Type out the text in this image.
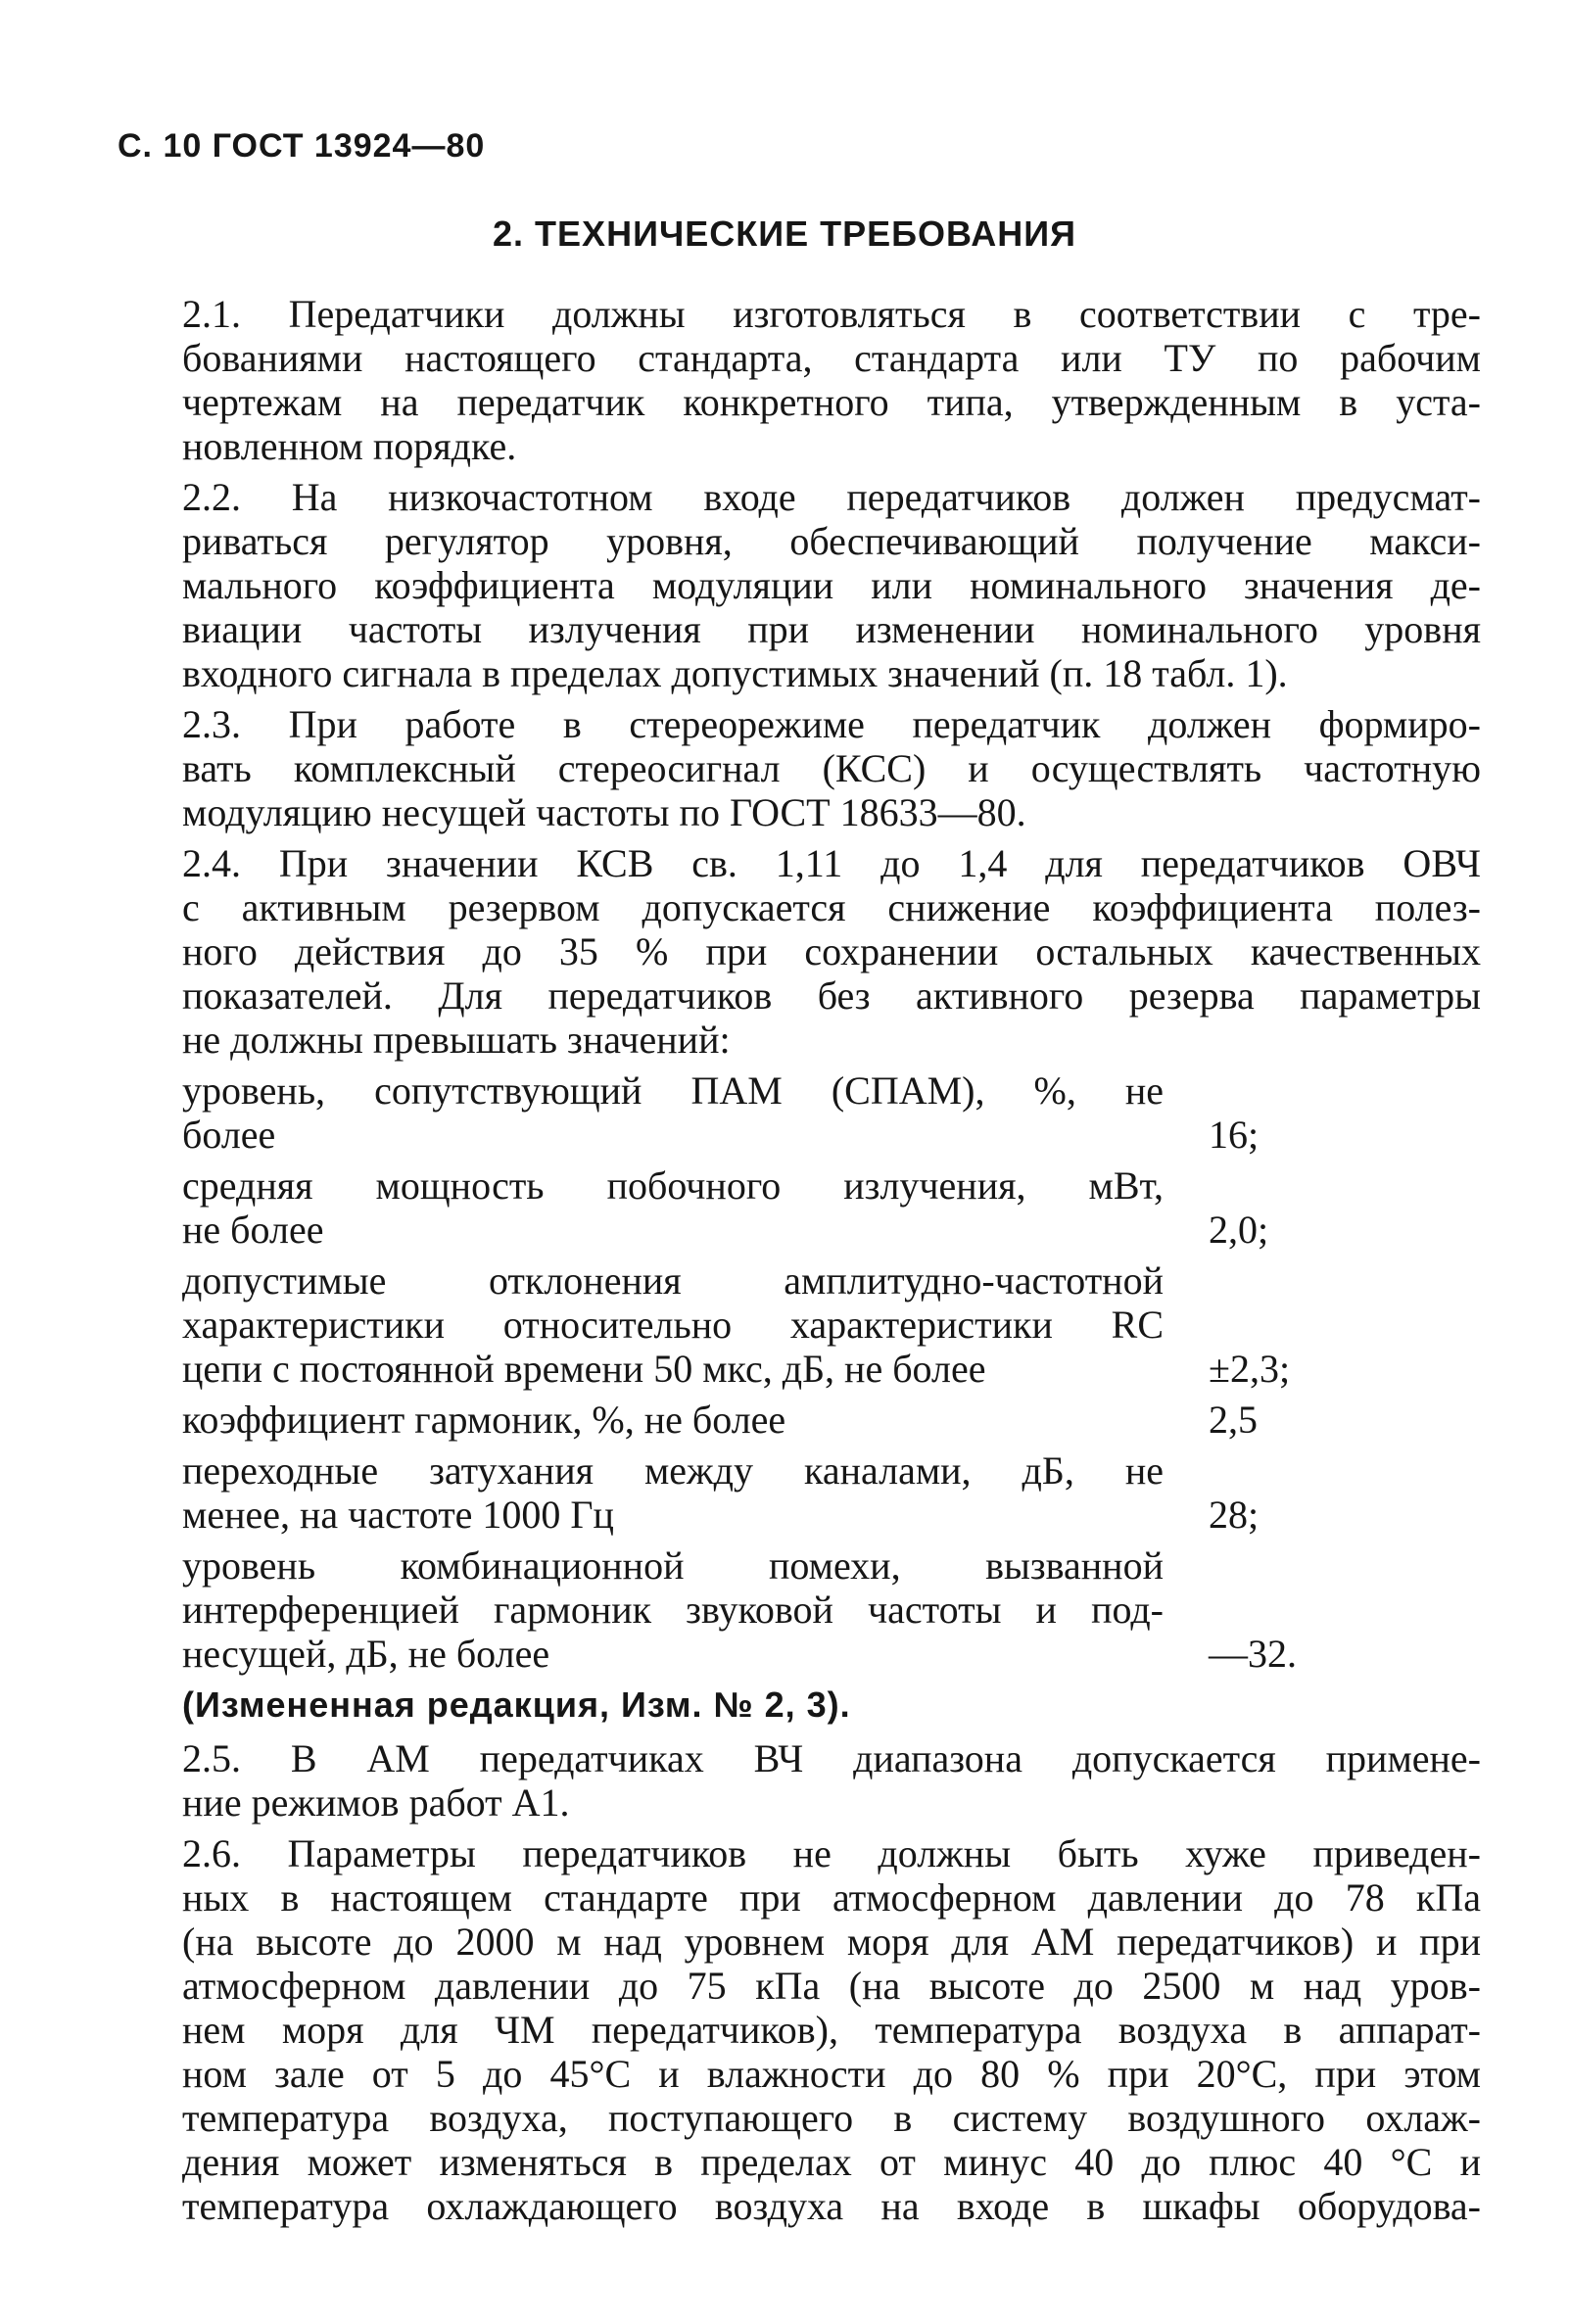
С. 10 ГОСТ 13924—80
2. ТЕХНИЧЕСКИЕ ТРЕБОВАНИЯ
2.1. Передатчики должны изготовляться в соответствии с тре-
бованиями настоящего стандарта, стандарта или ТУ по рабочим
чертежам на передатчик конкретного типа, утвержденным в уста-
новленном порядке.
2.2. На низкочастотном входе передатчиков должен предусмат-
риваться регулятор уровня, обеспечивающий получение макси-
мального коэффициента модуляции или номинального значения де-
виации частоты излучения при изменении номинального уровня
входного сигнала в пределах допустимых значений (п. 18 табл. 1).
2.3. При работе в стереорежиме передатчик должен формиро-
вать комплексный стереосигнал (КСС) и осуществлять частотную
модуляцию несущей частоты по ГОСТ 18633—80.
2.4. При значении КСВ св. 1,11 до 1,4 для передатчиков ОВЧ
с активным резервом допускается снижение коэффициента полез-
ного действия до 35 % при сохранении остальных качественных
показателей. Для передатчиков без активного резерва параметры
не должны превышать значений:
уровень, сопутствующий ПАМ (СПАМ), %, не
более	16;
средняя мощность побочного излучения, мВт,
не более	2,0;
допустимые отклонения амплитудно-частотной
характеристики относительно характеристики RC
цепи с постоянной времени 50 мкс, дБ, не более	±2,3;
коэффициент гармоник, %, не более	2,5
переходные затухания между каналами, дБ, не
менее, на частоте 1000 Гц	28;
уровень комбинационной помехи, вызванной
интерференцией гармоник звуковой частоты и под-
несущей, дБ, не более	—32.
(Измененная редакция, Изм. № 2, 3).
2.5. В АМ передатчиках ВЧ диапазона допускается примене-
ние режимов работ А1.
2.6. Параметры передатчиков не должны быть хуже приведен-
ных в настоящем стандарте при атмосферном давлении до 78 кПа
(на высоте до 2000 м над уровнем моря для АМ передатчиков) и при
атмосферном давлении до 75 кПа (на высоте до 2500 м над уров-
нем моря для ЧМ передатчиков), температура воздуха в аппарат-
ном зале от 5 до 45°С и влажности до 80 % при 20°С, при этом
температура воздуха, поступающего в систему воздушного охлаж-
дения может изменяться в пределах от минус 40 до плюс 40 °С и
температура охлаждающего воздуха на входе в шкафы оборудова-
